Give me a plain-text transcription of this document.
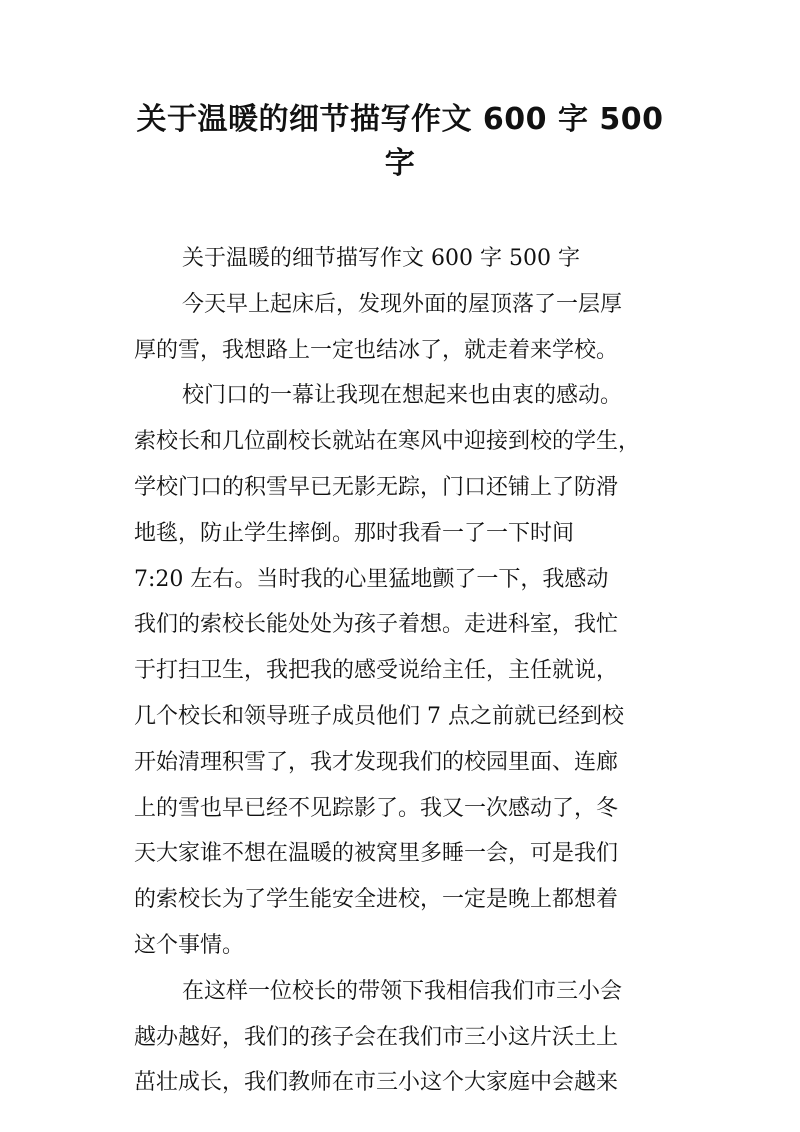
关于温暖的细节描写作文 600 字 500 字
关于温暖的细节描写作文 600 字 500 字
今天早上起床后，发现外面的屋顶落了一层厚
厚的雪，我想路上一定也结冰了，就走着来学校。
校门口的一幕让我现在想起来也由衷的感动。
索校长和几位副校长就站在寒风中迎接到校的学生，
学校门口的积雪早已无影无踪，门口还铺上了防滑
地毯，防止学生摔倒。那时我看一了一下时间
7:20 左右。当时我的心里猛地颤了一下，我感动
我们的索校长能处处为孩子着想。走进科室，我忙
于打扫卫生，我把我的感受说给主任，主任就说，
几个校长和领导班子成员他们 7 点之前就已经到校
开始清理积雪了，我才发现我们的校园里面、连廊
上的雪也早已经不见踪影了。我又一次感动了，冬
天大家谁不想在温暖的被窝里多睡一会，可是我们
的索校长为了学生能安全进校，一定是晚上都想着
这个事情。
在这样一位校长的带领下我相信我们市三小会
越办越好，我们的孩子会在我们市三小这片沃土上
茁壮成长，我们教师在市三小这个大家庭中会越来
